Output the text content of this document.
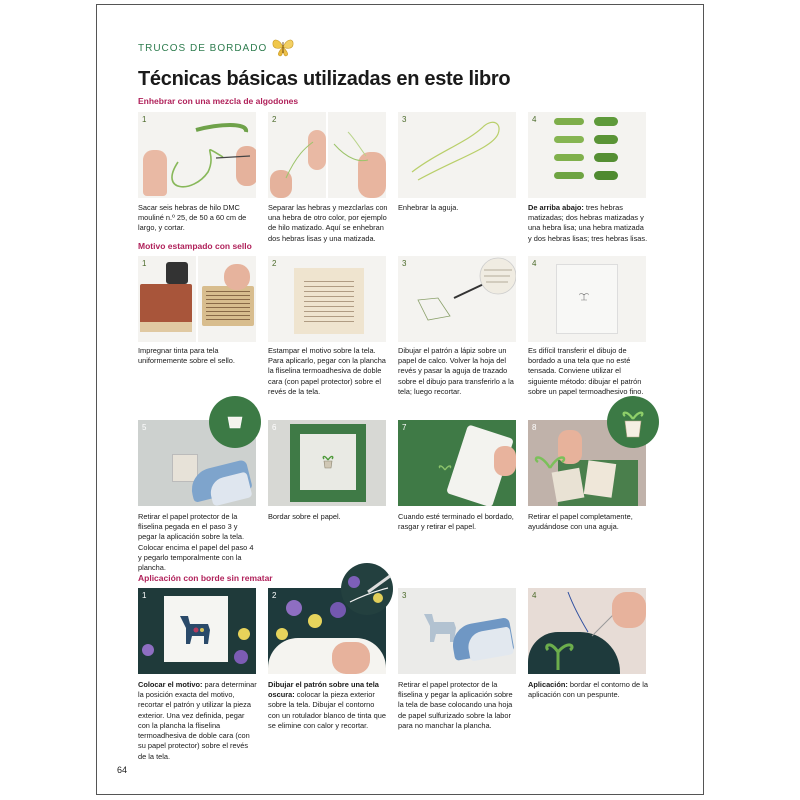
TRUCOS DE BORDADO
Técnicas básicas utilizadas en este libro
Enhebrar con una mezcla de algodones
1	2	3	4
Sacar seis hebras de hilo DMC mouliné n.º 25, de 50 a 60 cm de largo, y cortar.
Separar las hebras y mezclarlas con una hebra de otro color, por ejemplo de hilo matizado. Aquí se enhebran dos hebras lisas y una matizada.
Enhebrar la aguja.	De arriba abajo: tres hebras matizadas; dos hebras matizadas y una hebra lisa; una hebra matizada y dos hebras lisas; tres hebras lisas.
Motivo estampado con sello
1	2	3	4
Impregnar tinta para tela uniformemente sobre el sello.
Estampar el motivo sobre la tela. Para aplicarlo, pegar con la plancha la fliselina termoadhesiva de doble cara (con papel protector) sobre el revés de la tela.
Dibujar el patrón a lápiz sobre un papel de calco. Volver la hoja del revés y pasar la aguja de trazado sobre el dibujo para transferirlo a la tela; luego recortar.
Es difícil transferir el dibujo de bordado a una tela que no esté tensada. Conviene utilizar el siguiente método: dibujar el patrón sobre un papel termoadhesivo fino.
5	6	7	8
Retirar el papel protector de la fliselina pegada en el paso 3 y pegar la aplicación sobre la tela. Colocar encima el papel del paso 4 y pegarlo temporalmente con la plancha.
Bordar sobre el papel.	Cuando esté terminado el bordado, rasgar y retirar el papel.
Retirar el papel completamente, ayudándose con una aguja.
Aplicación con borde sin rematar
1	2	3	4
Colocar el motivo: para determinar la posición exacta del motivo, recortar el patrón y utilizar la pieza exterior. Una vez definida, pegar con la plancha la fliselina termoadhesiva de doble cara (con su papel protector) sobre el revés de la tela.
Dibujar el patrón sobre una tela oscura: colocar la pieza exterior sobre la tela. Dibujar el contorno con un rotulador blanco de tinta que se elimine con calor y recortar.
Retirar el papel protector de la fliselina y pegar la aplicación sobre la tela de base colocando una hoja de papel sulfurizado sobre la labor para no manchar la plancha.
Aplicación: bordar el contorno de la aplicación con un pespunte.
64
